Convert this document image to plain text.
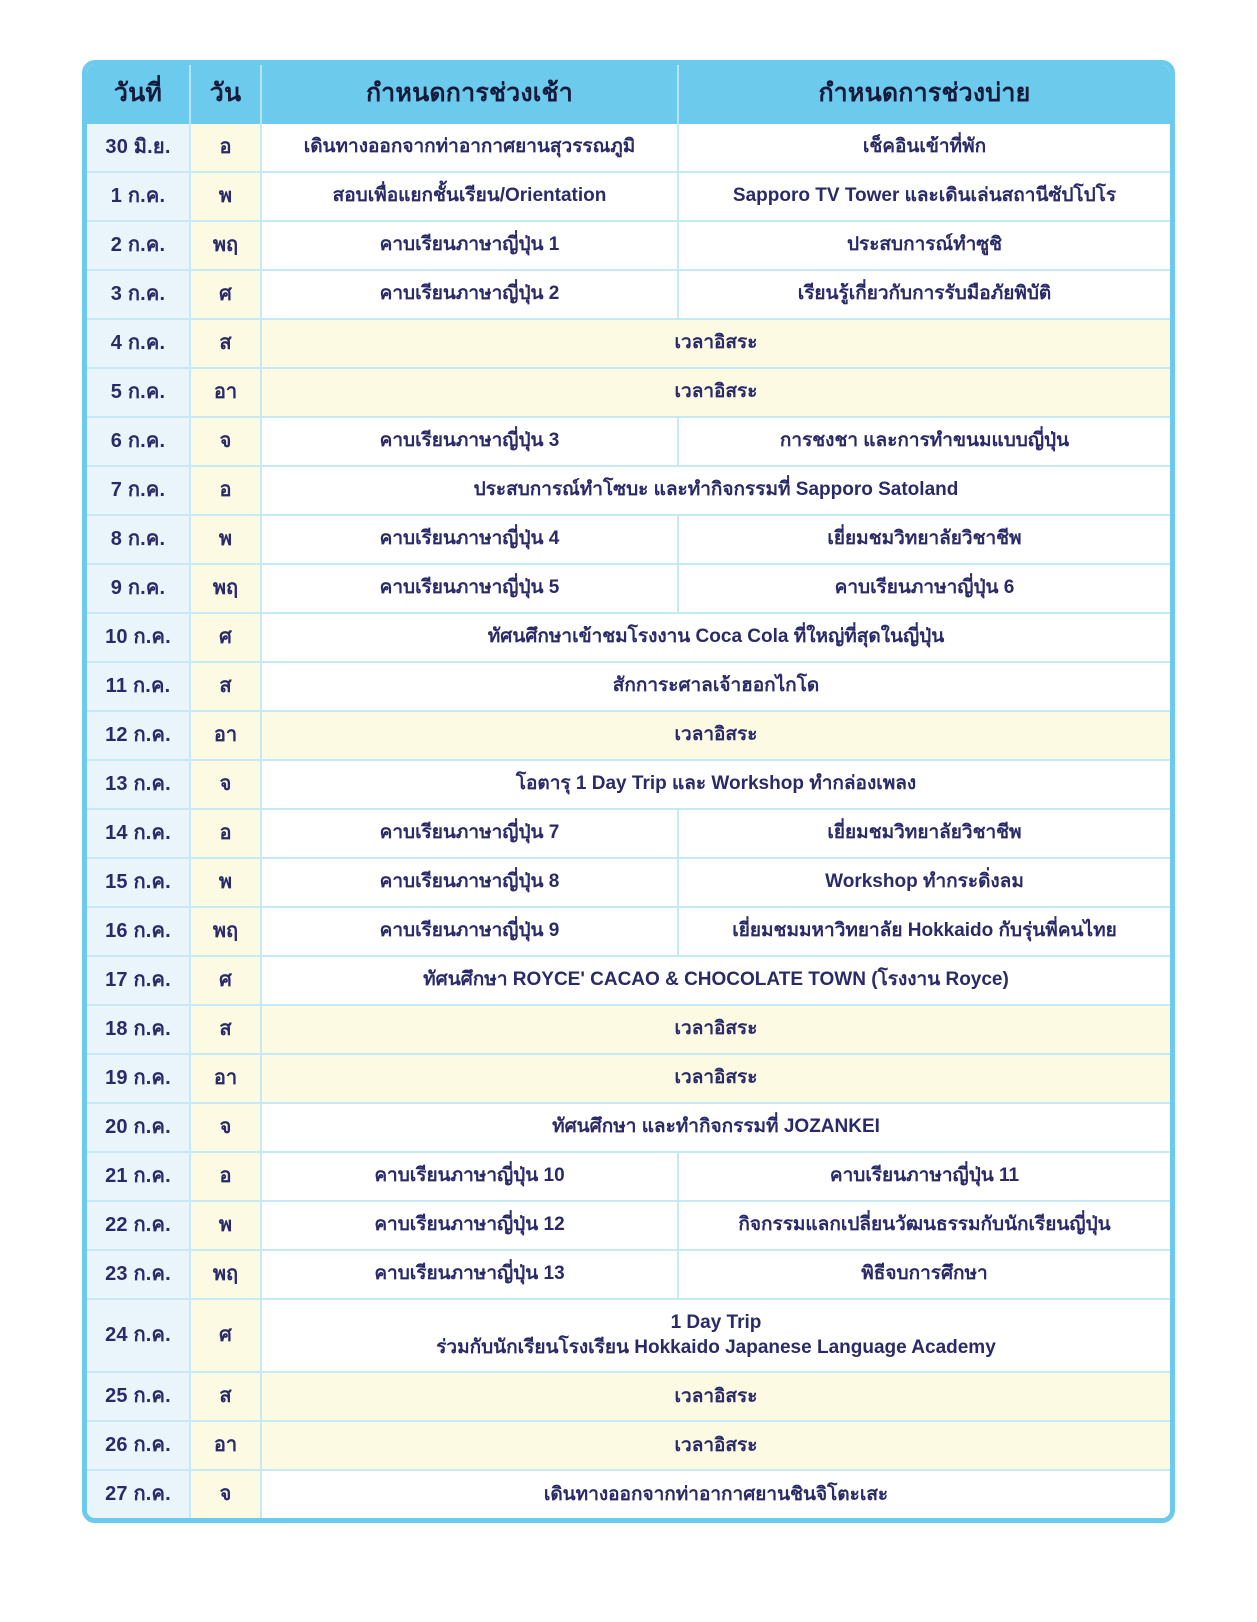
วันที่	วัน	กำหนดการช่วงเช้า	กำหนดการช่วงบ่าย
30 มิ.ย.	อ	เดินทางออกจากท่าอากาศยานสุวรรณภูมิ	เช็คอินเข้าที่พัก
1 ก.ค.	พ	สอบเพื่อแยกชั้นเรียน/Orientation	Sapporo TV Tower และเดินเล่นสถานีซัปโปโร
2 ก.ค.	พฤ	คาบเรียนภาษาญี่ปุ่น 1	ประสบการณ์ทำซูชิ
3 ก.ค.	ศ	คาบเรียนภาษาญี่ปุ่น 2	เรียนรู้เกี่ยวกับการรับมือภัยพิบัติ
4 ก.ค.	ส	เวลาอิสระ	
5 ก.ค.	อา	เวลาอิสระ	
6 ก.ค.	จ	คาบเรียนภาษาญี่ปุ่น 3	การชงชา และการทำขนมแบบญี่ปุ่น
7 ก.ค.	อ	ประสบการณ์ทำโซบะ และทำกิจกรรมที่ Sapporo Satoland	
8 ก.ค.	พ	คาบเรียนภาษาญี่ปุ่น 4	เยี่ยมชมวิทยาลัยวิชาชีพ
9 ก.ค.	พฤ	คาบเรียนภาษาญี่ปุ่น 5	คาบเรียนภาษาญี่ปุ่น 6
10 ก.ค.	ศ	ทัศนศึกษาเข้าชมโรงงาน Coca Cola ที่ใหญ่ที่สุดในญี่ปุ่น	
11 ก.ค.	ส	สักการะศาลเจ้าฮอกไกโด	
12 ก.ค.	อา	เวลาอิสระ	
13 ก.ค.	จ	โอตารุ 1 Day Trip และ Workshop ทำกล่องเพลง	
14 ก.ค.	อ	คาบเรียนภาษาญี่ปุ่น 7	เยี่ยมชมวิทยาลัยวิชาชีพ
15 ก.ค.	พ	คาบเรียนภาษาญี่ปุ่น 8	Workshop ทำกระดิ่งลม
16 ก.ค.	พฤ	คาบเรียนภาษาญี่ปุ่น 9	เยี่ยมชมมหาวิทยาลัย Hokkaido กับรุ่นพี่คนไทย
17 ก.ค.	ศ	ทัศนศึกษา ROYCE' CACAO & CHOCOLATE TOWN (โรงงาน Royce)	
18 ก.ค.	ส	เวลาอิสระ	
19 ก.ค.	อา	เวลาอิสระ	
20 ก.ค.	จ	ทัศนศึกษา และทำกิจกรรมที่ JOZANKEI	
21 ก.ค.	อ	คาบเรียนภาษาญี่ปุ่น 10	คาบเรียนภาษาญี่ปุ่น 11
22 ก.ค.	พ	คาบเรียนภาษาญี่ปุ่น 12	กิจกรรมแลกเปลี่ยนวัฒนธรรมกับนักเรียนญี่ปุ่น
23 ก.ค.	พฤ	คาบเรียนภาษาญี่ปุ่น 13	พิธีจบการศึกษา
24 ก.ค.	ศ	1 Day Trip
ร่วมกับนักเรียนโรงเรียน Hokkaido Japanese Language Academy	

25 ก.ค.	ส	เวลาอิสระ	
26 ก.ค.	อา	เวลาอิสระ	
27 ก.ค.	จ	เดินทางออกจากท่าอากาศยานชินจิโตะเสะ	
